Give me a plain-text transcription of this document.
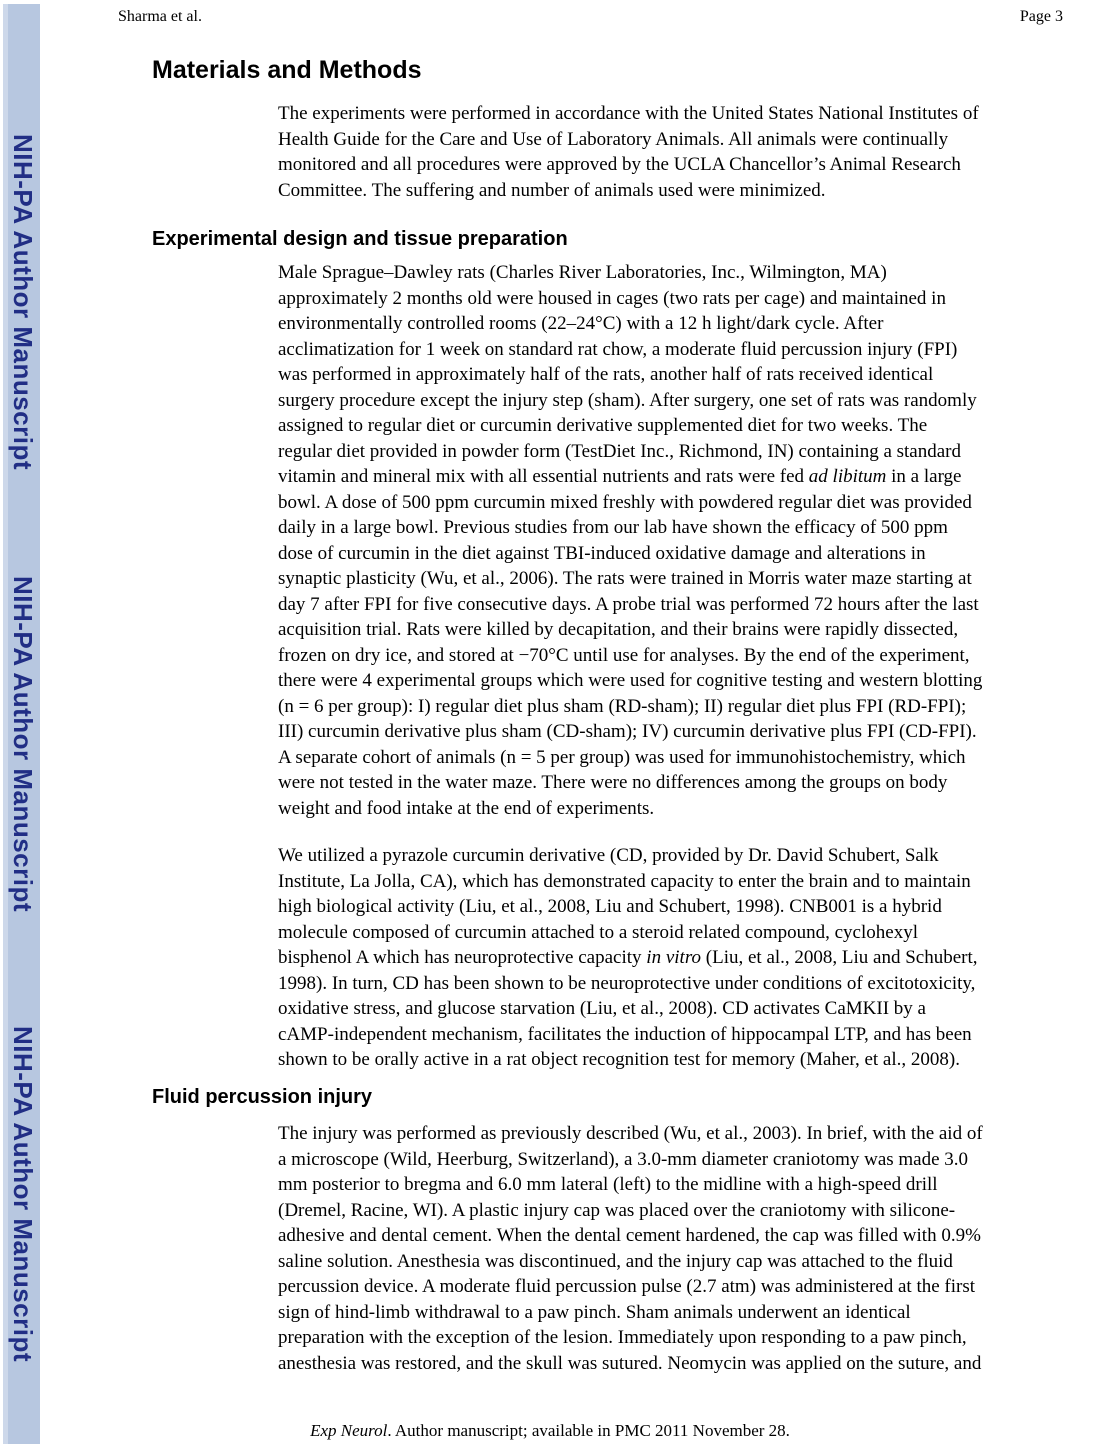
NIH-PA Author Manuscript
NIH-PA Author Manuscript
NIH-PA Author Manuscript
Sharma et al.	Page 3
Materials and Methods
The experiments were performed in accordance with the United States National Institutes of
Health Guide for the Care and Use of Laboratory Animals. All animals were continually
monitored and all procedures were approved by the UCLA Chancellor’s Animal Research
Committee. The suffering and number of animals used were minimized.
Experimental design and tissue preparation
Male Sprague–Dawley rats (Charles River Laboratories, Inc., Wilmington, MA)
approximately 2 months old were housed in cages (two rats per cage) and maintained in
environmentally controlled rooms (22–24°C) with a 12 h light/dark cycle. After
acclimatization for 1 week on standard rat chow, a moderate fluid percussion injury (FPI)
was performed in approximately half of the rats, another half of rats received identical
surgery procedure except the injury step (sham). After surgery, one set of rats was randomly
assigned to regular diet or curcumin derivative supplemented diet for two weeks. The
regular diet provided in powder form (TestDiet Inc., Richmond, IN) containing a standard
vitamin and mineral mix with all essential nutrients and rats were fed ad libitum in a large
bowl. A dose of 500 ppm curcumin mixed freshly with powdered regular diet was provided
daily in a large bowl. Previous studies from our lab have shown the efficacy of 500 ppm
dose of curcumin in the diet against TBI-induced oxidative damage and alterations in
synaptic plasticity (Wu, et al., 2006). The rats were trained in Morris water maze starting at
day 7 after FPI for five consecutive days. A probe trial was performed 72 hours after the last
acquisition trial. Rats were killed by decapitation, and their brains were rapidly dissected,
frozen on dry ice, and stored at −70°C until use for analyses. By the end of the experiment,
there were 4 experimental groups which were used for cognitive testing and western blotting
(n = 6 per group): I) regular diet plus sham (RD-sham); II) regular diet plus FPI (RD-FPI);
III) curcumin derivative plus sham (CD-sham); IV) curcumin derivative plus FPI (CD-FPI).
A separate cohort of animals (n = 5 per group) was used for immunohistochemistry, which
were not tested in the water maze. There were no differences among the groups on body
weight and food intake at the end of experiments.
We utilized a pyrazole curcumin derivative (CD, provided by Dr. David Schubert, Salk
Institute, La Jolla, CA), which has demonstrated capacity to enter the brain and to maintain
high biological activity (Liu, et al., 2008, Liu and Schubert, 1998). CNB001 is a hybrid
molecule composed of curcumin attached to a steroid related compound, cyclohexyl
bisphenol A which has neuroprotective capacity in vitro (Liu, et al., 2008, Liu and Schubert,
1998). In turn, CD has been shown to be neuroprotective under conditions of excitotoxicity,
oxidative stress, and glucose starvation (Liu, et al., 2008). CD activates CaMKII by a
cAMP-independent mechanism, facilitates the induction of hippocampal LTP, and has been
shown to be orally active in a rat object recognition test for memory (Maher, et al., 2008).
Fluid percussion injury
The injury was performed as previously described (Wu, et al., 2003). In brief, with the aid of
a microscope (Wild, Heerburg, Switzerland), a 3.0-mm diameter craniotomy was made 3.0
mm posterior to bregma and 6.0 mm lateral (left) to the midline with a high-speed drill
(Dremel, Racine, WI). A plastic injury cap was placed over the craniotomy with silicone-
adhesive and dental cement. When the dental cement hardened, the cap was filled with 0.9%
saline solution. Anesthesia was discontinued, and the injury cap was attached to the fluid
percussion device. A moderate fluid percussion pulse (2.7 atm) was administered at the first
sign of hind-limb withdrawal to a paw pinch. Sham animals underwent an identical
preparation with the exception of the lesion. Immediately upon responding to a paw pinch,
anesthesia was restored, and the skull was sutured. Neomycin was applied on the suture, and
Exp Neurol. Author manuscript; available in PMC 2011 November 28.
